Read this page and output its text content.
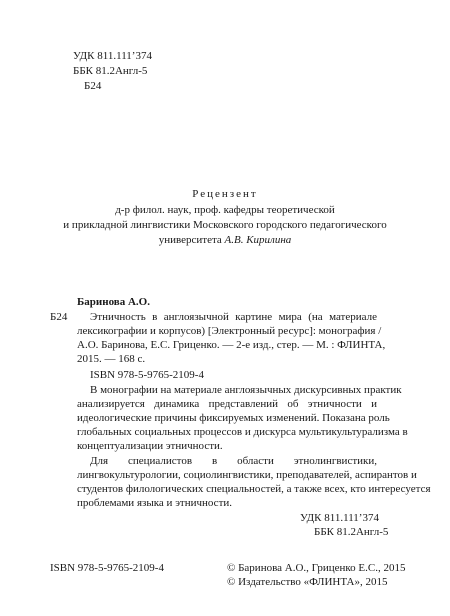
УДК 811.111’374
ББК 81.2Англ-5
Б24
Рецензент
д-р филол. наук, проф. кафедры теоретической
и прикладной лингвистики Московского городского педагогического
университета А.В. Кирилина
Баринова А.О.
Б24 Этничность в англоязычной картине мира (на материале
лексикографии и корпусов) [Электронный ресурс]: монография /
А.О. Баринова, Е.С. Гриценко. — 2-е изд., стер. — М. : ФЛИНТА,
2015. — 168 с.
ISBN 978-5-9765-2109-4
В монографии на материале англоязычных дискурсивных практик
анализируется динамика представлений об этничности и
идеологические причины фиксируемых изменений. Показана роль
глобальных социальных процессов и дискурса мультикультурализма в
концептуализации этничности.
Для специалистов в области этнолингвистики,
лингвокультурологии, социолингвистики, преподавателей, аспирантов и
студентов филологических специальностей, а также всех, кто интересуется
проблемами языка и этничности.
УДК 811.111’374
ББК 81.2Англ-5
ISBN 978-5-9765-2109-4	© Баринова А.О., Гриценко Е.С., 2015
© Издательство «ФЛИНТА», 2015
